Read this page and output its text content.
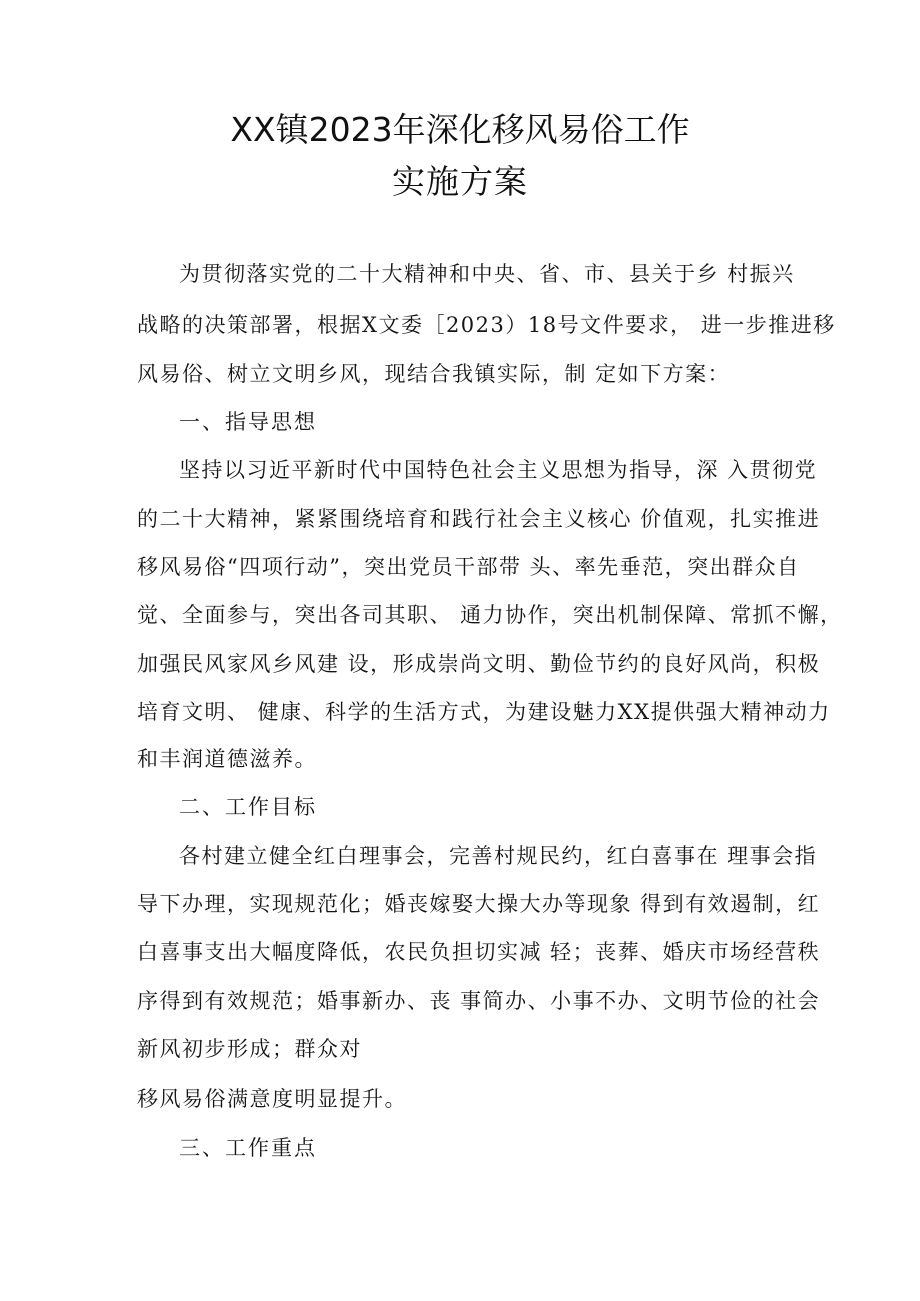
XX镇2023年深化移风易俗工作
实施方案
为贯彻落实党的二十大精神和中央、省、市、县关于乡 村振兴
战略的决策部署，根据X文委［2023）18号文件要求， 进一步推进移
风易俗、树立文明乡风，现结合我镇实际，制 定如下方案：
一、指导思想
坚持以习近平新时代中国特色社会主义思想为指导，深 入贯彻党
的二十大精神，紧紧围绕培育和践行社会主义核心 价值观，扎实推进
移风易俗“四项行动”，突出党员干部带 头、率先垂范，突出群众自
觉、全面参与，突出各司其职、 通力协作，突出机制保障、常抓不懈，
加强民风家风乡风建 设，形成崇尚文明、勤俭节约的良好风尚，积极
培育文明、 健康、科学的生活方式，为建设魅力XX提供强大精神动力
和丰润道德滋养。
二、工作目标
各村建立健全红白理事会，完善村规民约，红白喜事在 理事会指
导下办理，实现规范化；婚丧嫁娶大操大办等现象 得到有效遏制，红
白喜事支出大幅度降低，农民负担切实减 轻；丧葬、婚庆市场经营秩
序得到有效规范；婚事新办、丧 事简办、小事不办、文明节俭的社会
新风初步形成；群众对
移风易俗满意度明显提升。
三、工作重点
